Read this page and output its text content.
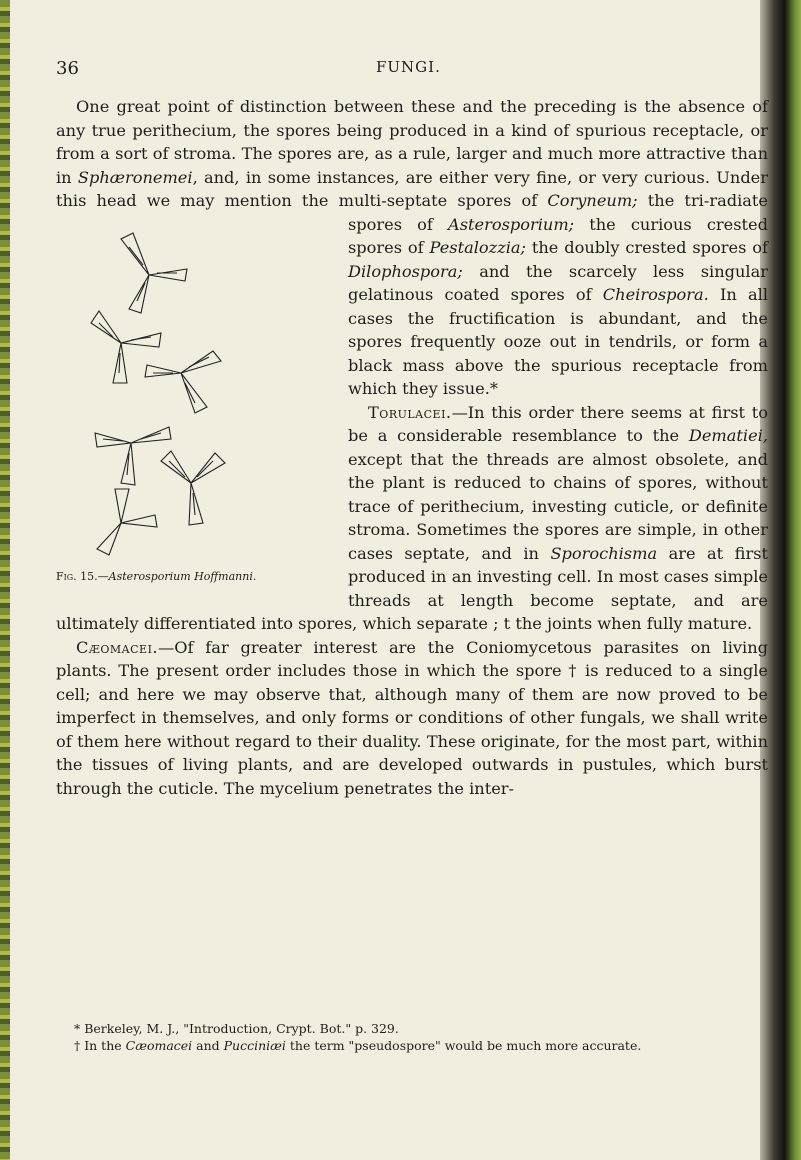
36	FUNGI.

One great point of distinction between these and the preceding is the absence of any true perithecium, the spores being produced in a kind of spurious receptacle, or from a sort of stroma. The spores are, as a rule, larger and much more attractive than in Sphæronemei, and, in some instances, are either very fine, or very curious. Under this head we may mention the multi-septate spores of Coryneum; the tri-radiate spores of Asterosporium;
Fig. 15.—Asterosporium Hoffmanni.
the curious crested spores of Pestalozzia; the doubly crested spores of Dilophospora; and the scarcely less singular gelatinous coated spores of Cheirospora. In all cases the fructification is abundant, and the spores frequently ooze out in tendrils, or form a black mass above the spurious receptacle from which they issue.*

Torulacei.—In this order there seems at first to be a considerable resemblance to the Dematiei, except that the threads are almost obsolete, and the plant is reduced to chains of spores, without trace of perithecium, investing cuticle, or definite stroma. Sometimes the spores are simple, in other cases septate, and in Sporochisma are at first produced in an investing cell. In most cases simple threads at length become septate, and are ultimately differentiated into spores, which separate ; t the joints when fully mature.

Cæomacei.—Of far greater interest are the Coniomycetous parasites on living plants. The present order includes those in which the spore † is reduced to a single cell; and here we may observe that, although many of them are now proved to be imperfect in themselves, and only forms or conditions of other fungals, we shall write of them here without regard to their duality. These originate, for the most part, within the tissues of living plants, and are developed outwards in pustules, which burst through the cuticle. The mycelium penetrates the inter-

* Berkeley, M. J., "Introduction, Crypt. Bot." p. 329.

† In the Cæomacei and Pucciniæi the term "pseudospore" would be much more accurate.
